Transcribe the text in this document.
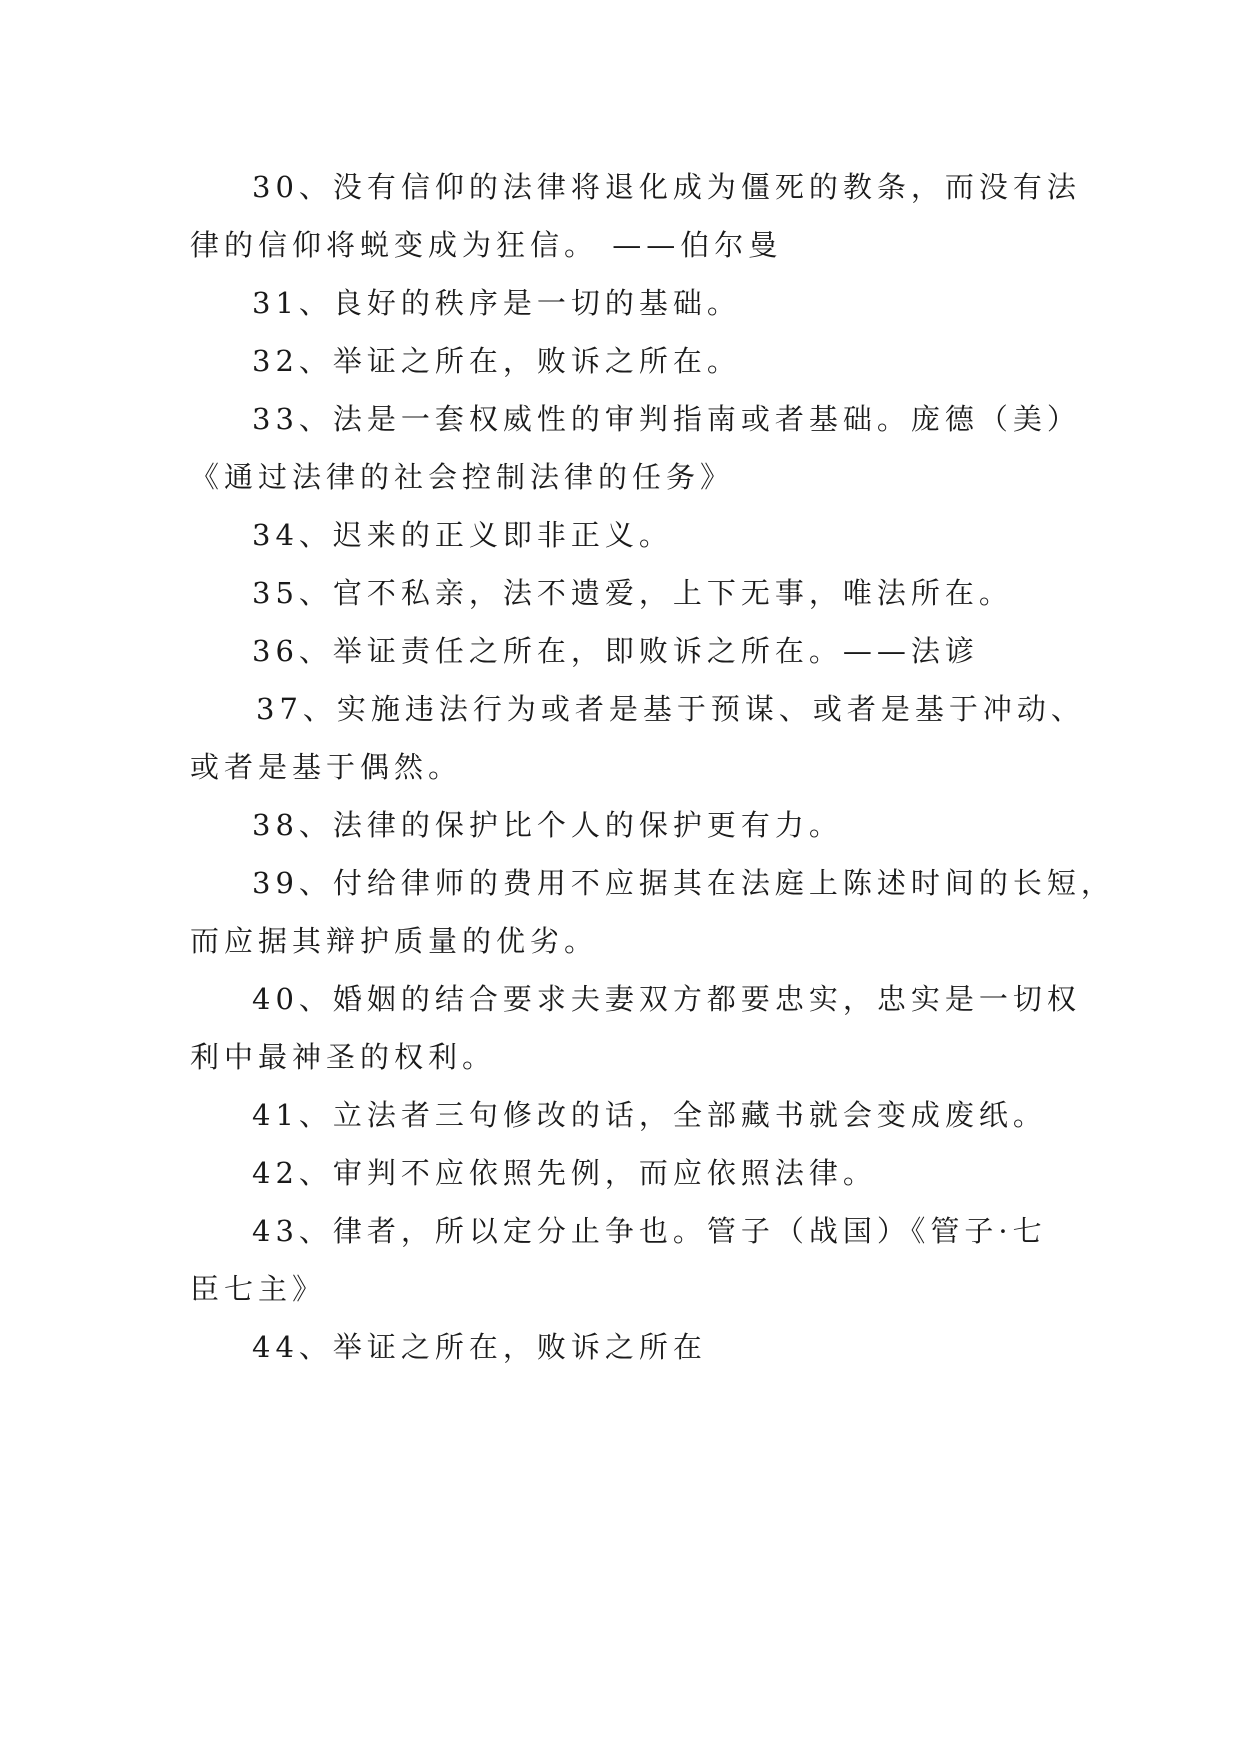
30、没有信仰的法律将退化成为僵死的教条，而没有法
律的信仰将蜕变成为狂信。 ——伯尔曼
31、良好的秩序是一切的基础。
32、举证之所在，败诉之所在。
33、法是一套权威性的审判指南或者基础。庞德（美）
《通过法律的社会控制法律的任务》
34、迟来的正义即非正义。
35、官不私亲，法不遗爱，上下无事，唯法所在。
36、举证责任之所在，即败诉之所在。——法谚
37、实施违法行为或者是基于预谋、或者是基于冲动、
或者是基于偶然。
38、法律的保护比个人的保护更有力。
39、付给律师的费用不应据其在法庭上陈述时间的长短，
而应据其辩护质量的优劣。
40、婚姻的结合要求夫妻双方都要忠实，忠实是一切权
利中最神圣的权利。
41、立法者三句修改的话，全部藏书就会变成废纸。
42、审判不应依照先例，而应依照法律。
43、律者，所以定分止争也。管子（战国）《管子·七
臣七主》
44、举证之所在，败诉之所在
